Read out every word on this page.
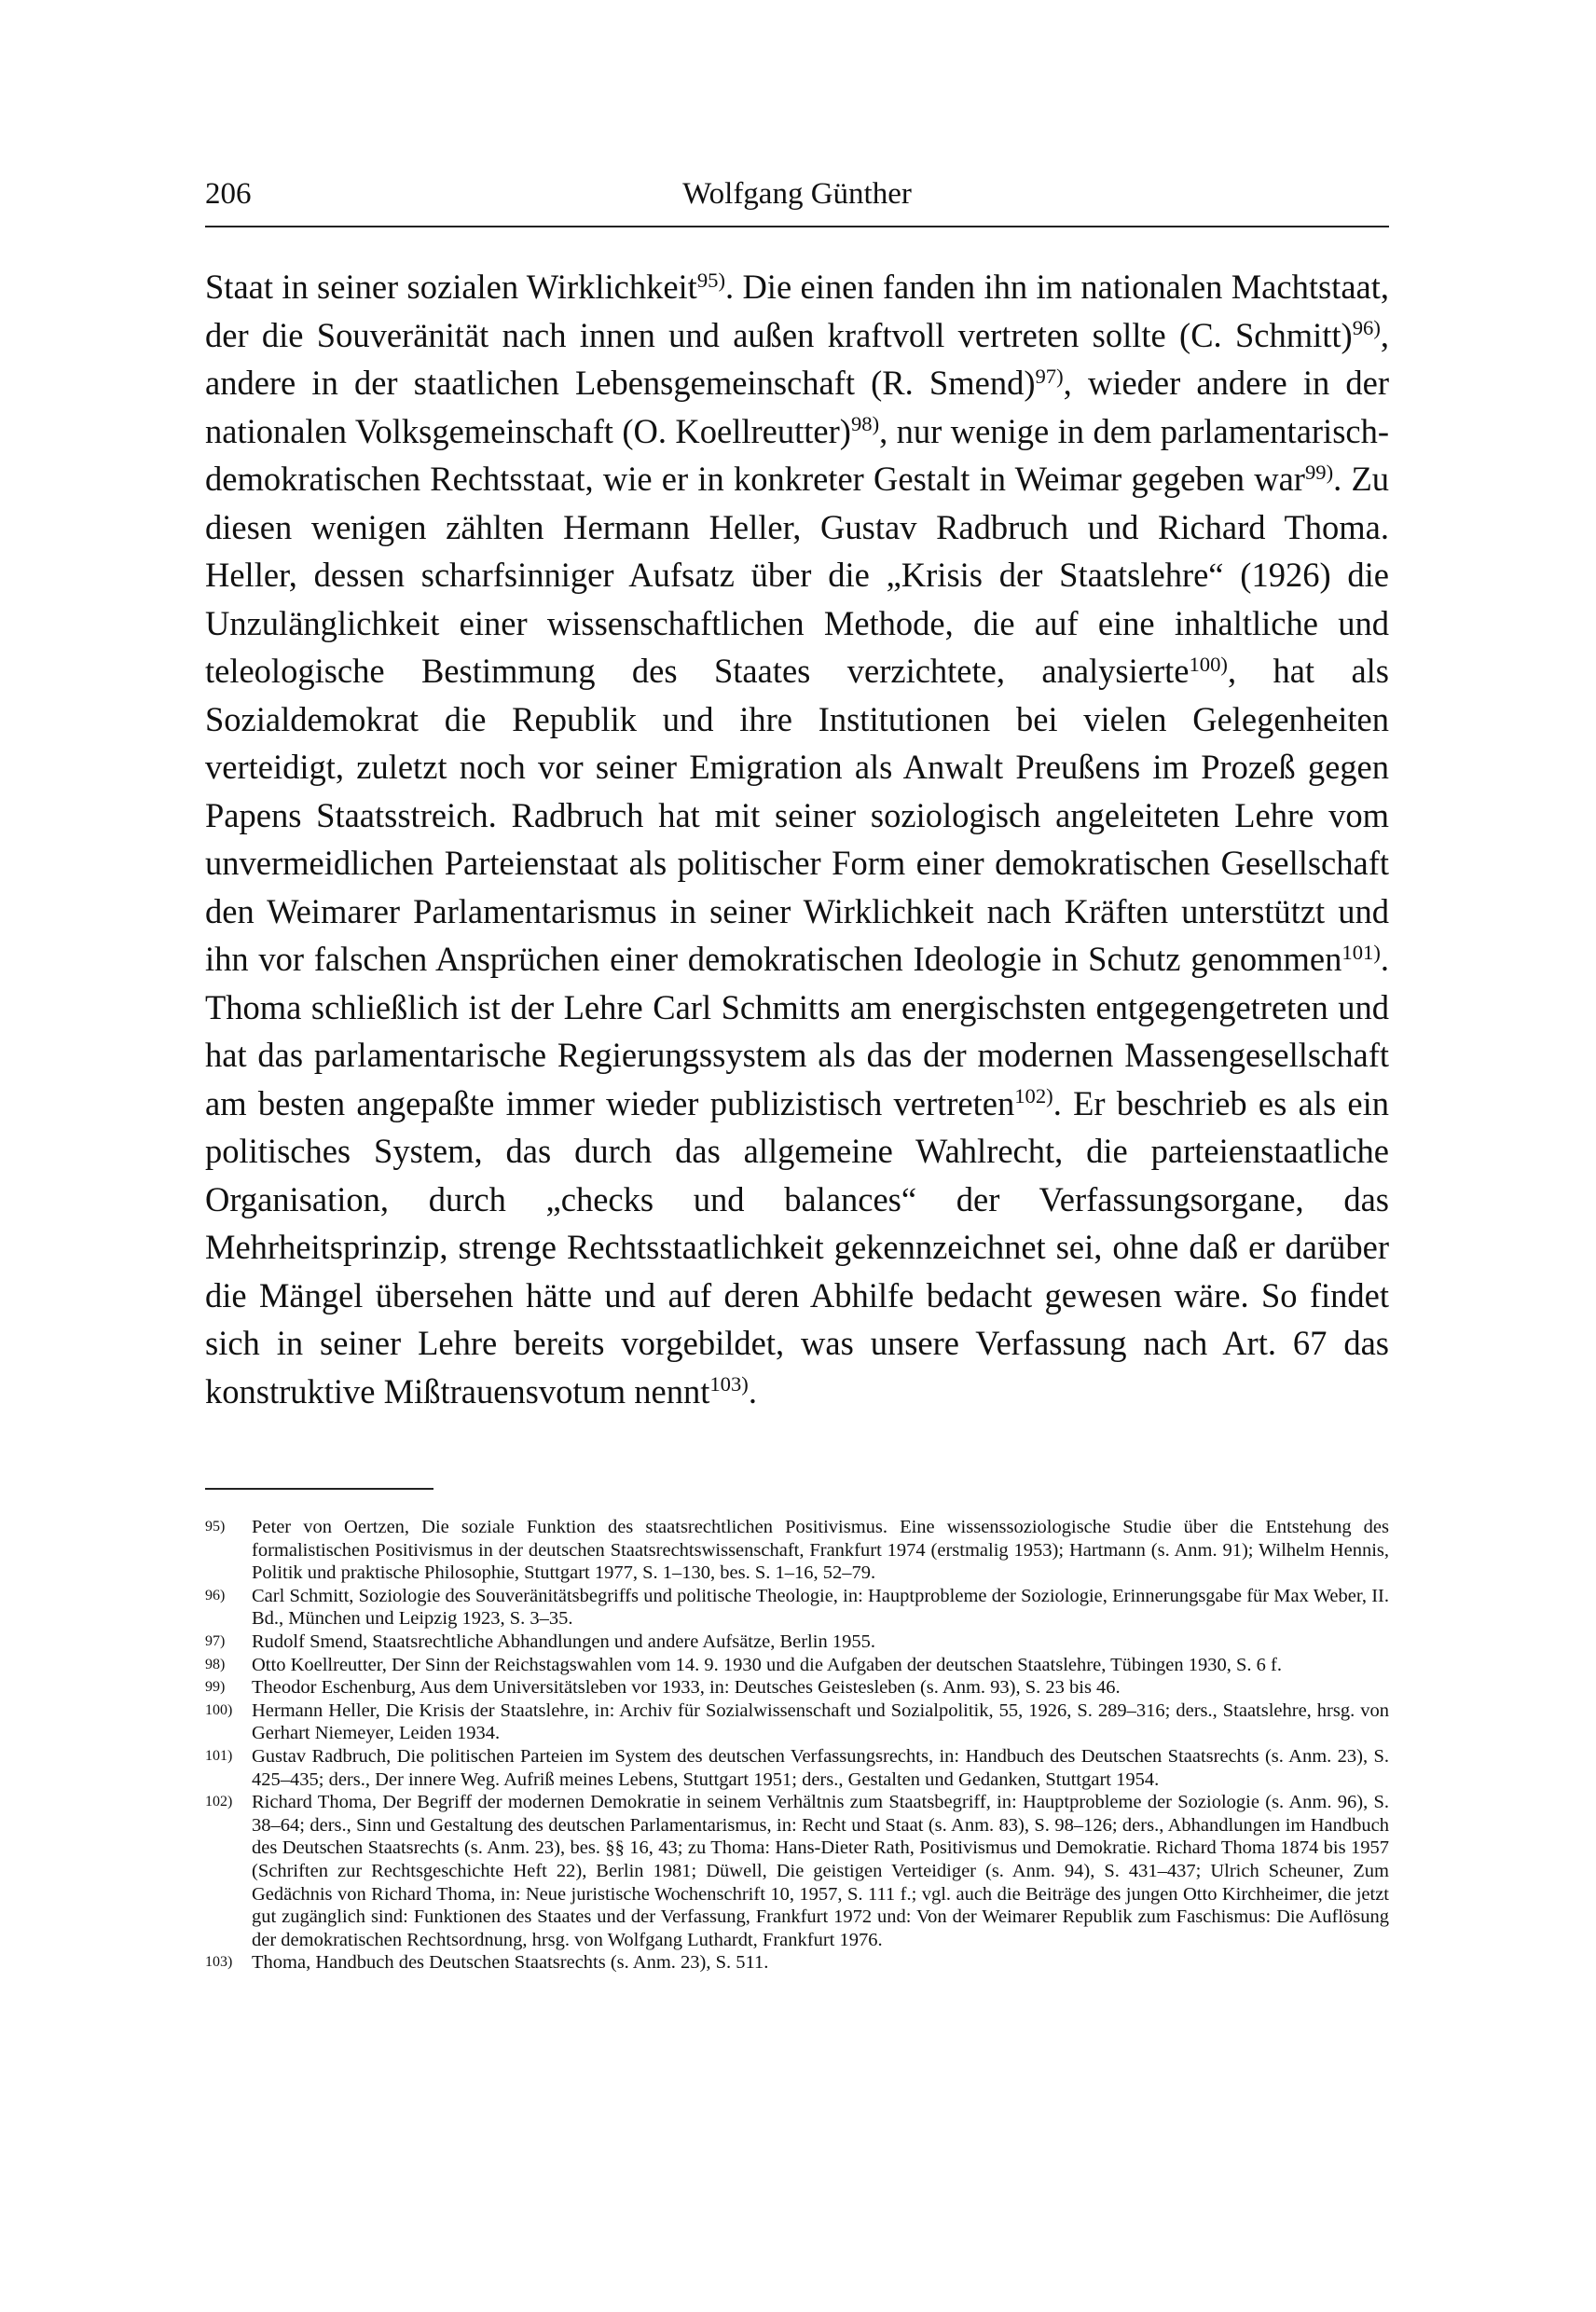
206	Wolfgang Günther

Staat in seiner sozialen Wirklichkeit$^{95)}$. Die einen fanden ihn im nationalen Machtstaat, der die Souveränität nach innen und außen kraftvoll vertreten sollte (C. Schmitt)$^{96)}$, andere in der staatlichen Lebensgemeinschaft (R. Smend)$^{97)}$, wieder andere in der nationalen Volksgemeinschaft (O. Koellreutter)$^{98)}$, nur wenige in dem parlamentarisch-demokratischen Rechtsstaat, wie er in konkreter Gestalt in Weimar gegeben war$^{99)}$. Zu diesen wenigen zählten Hermann Heller, Gustav Radbruch und Richard Thoma. Heller, dessen scharfsinniger Aufsatz über die „Krisis der Staatslehre“ (1926) die Unzulänglichkeit einer wissenschaftlichen Methode, die auf eine inhaltliche und teleologische Bestimmung des Staates verzichtete, analysierte$^{100)}$, hat als Sozialdemokrat die Republik und ihre Institutionen bei vielen Gelegenheiten verteidigt, zuletzt noch vor seiner Emigration als Anwalt Preußens im Prozeß gegen Papens Staatsstreich. Radbruch hat mit seiner soziologisch angeleiteten Lehre vom unvermeidlichen Parteienstaat als politischer Form einer demokratischen Gesellschaft den Weimarer Parlamentarismus in seiner Wirklichkeit nach Kräften unterstützt und ihn vor falschen Ansprüchen einer demokratischen Ideologie in Schutz genommen$^{101)}$. Thoma schließlich ist der Lehre Carl Schmitts am energischsten entgegengetreten und hat das parlamentarische Regierungssystem als das der modernen Massengesellschaft am besten angepaßte immer wieder publizistisch vertreten$^{102)}$. Er beschrieb es als ein politisches System, das durch das allgemeine Wahlrecht, die parteienstaatliche Organisation, durch „checks und balances“ der Verfassungsorgane, das Mehrheitsprinzip, strenge Rechtsstaatlichkeit gekennzeichnet sei, ohne daß er darüber die Mängel übersehen hätte und auf deren Abhilfe bedacht gewesen wäre. So findet sich in seiner Lehre bereits vorgebildet, was unsere Verfassung nach Art. 67 das konstruktive Mißtrauensvotum nennt$^{103)}$.

95)	Peter von Oertzen, Die soziale Funktion des staatsrechtlichen Positivismus. Eine wissenssoziologische Studie über die Entstehung des formalistischen Positivismus in der deutschen Staatsrechtswissenschaft, Frankfurt 1974 (erstmalig 1953); Hartmann (s. Anm. 91); Wilhelm Hennis, Politik und praktische Philosophie, Stuttgart 1977, S. 1–130, bes. S. 1–16, 52–79.
96)	Carl Schmitt, Soziologie des Souveränitätsbegriffs und politische Theologie, in: Hauptprobleme der Soziologie, Erinnerungsgabe für Max Weber, II. Bd., München und Leipzig 1923, S. 3–35.
97)	Rudolf Smend, Staatsrechtliche Abhandlungen und andere Aufsätze, Berlin 1955.
98)	Otto Koellreutter, Der Sinn der Reichstagswahlen vom 14. 9. 1930 und die Aufgaben der deutschen Staatslehre, Tübingen 1930, S. 6 f.
99)	Theodor Eschenburg, Aus dem Universitätsleben vor 1933, in: Deutsches Geistesleben (s. Anm. 93), S. 23 bis 46.
100)	Hermann Heller, Die Krisis der Staatslehre, in: Archiv für Sozialwissenschaft und Sozialpolitik, 55, 1926, S. 289–316; ders., Staatslehre, hrsg. von Gerhart Niemeyer, Leiden 1934.
101)	Gustav Radbruch, Die politischen Parteien im System des deutschen Verfassungsrechts, in: Handbuch des Deutschen Staatsrechts (s. Anm. 23), S. 425–435; ders., Der innere Weg. Aufriß meines Lebens, Stuttgart 1951; ders., Gestalten und Gedanken, Stuttgart 1954.
102)	Richard Thoma, Der Begriff der modernen Demokratie in seinem Verhältnis zum Staatsbegriff, in: Hauptprobleme der Soziologie (s. Anm. 96), S. 38–64; ders., Sinn und Gestaltung des deutschen Parlamentarismus, in: Recht und Staat (s. Anm. 83), S. 98–126; ders., Abhandlungen im Handbuch des Deutschen Staatsrechts (s. Anm. 23), bes. §§ 16, 43; zu Thoma: Hans-Dieter Rath, Positivismus und Demokratie. Richard Thoma 1874 bis 1957 (Schriften zur Rechtsgeschichte Heft 22), Berlin 1981; Düwell, Die geistigen Verteidiger (s. Anm. 94), S. 431–437; Ulrich Scheuner, Zum Gedächnis von Richard Thoma, in: Neue juristische Wochenschrift 10, 1957, S. 111 f.; vgl. auch die Beiträge des jungen Otto Kirchheimer, die jetzt gut zugänglich sind: Funktionen des Staates und der Verfassung, Frankfurt 1972 und: Von der Weimarer Republik zum Faschismus: Die Auflösung der demokratischen Rechtsordnung, hrsg. von Wolfgang Luthardt, Frankfurt 1976.
103)	Thoma, Handbuch des Deutschen Staatsrechts (s. Anm. 23), S. 511.
